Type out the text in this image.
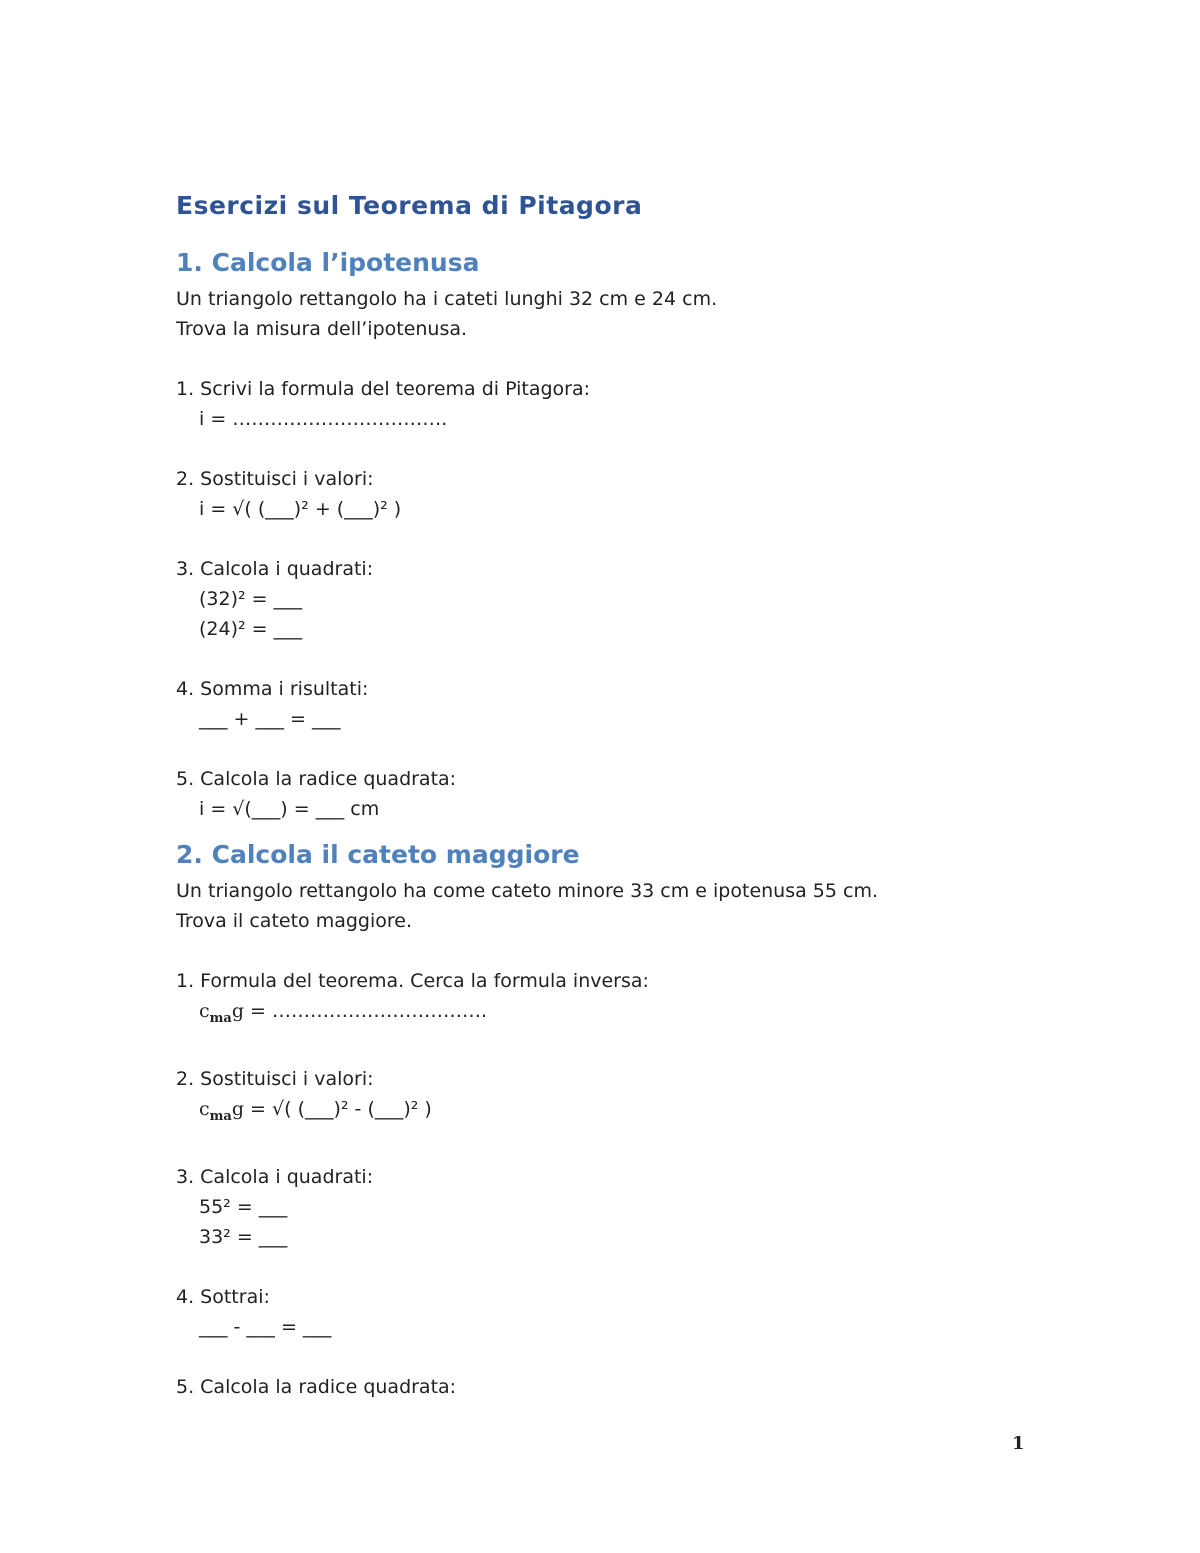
Esercizi sul Teorema di Pitagora
1. Calcola l’ipotenusa

Un triangolo rettangolo ha i cateti lunghi 32 cm e 24 cm.

Trova la misura dell’ipotenusa.

1. Scrivi la formula del teorema di Pitagora:

i = …………………………….

2. Sostituisci i valori:

i = √( (___)² + (___)² )

3. Calcola i quadrati:

(32)² = ___

(24)² = ___

4. Somma i risultati:

___ + ___ = ___

5. Calcola la radice quadrata:

i = √(___) = ___ cm

2. Calcola il cateto maggiore

Un triangolo rettangolo ha come cateto minore 33 cm e ipotenusa 55 cm.

Trova il cateto maggiore.

1. Formula del teorema. Cerca la formula inversa:

$c_{ma}g$ = …………………………….

2. Sostituisci i valori:

$c_{ma}g$ = √( (___)² - (___)² )

3. Calcola i quadrati:

55² = ___

33² = ___

4. Sottrai:

___ - ___ = ___

5. Calcola la radice quadrata:

1
